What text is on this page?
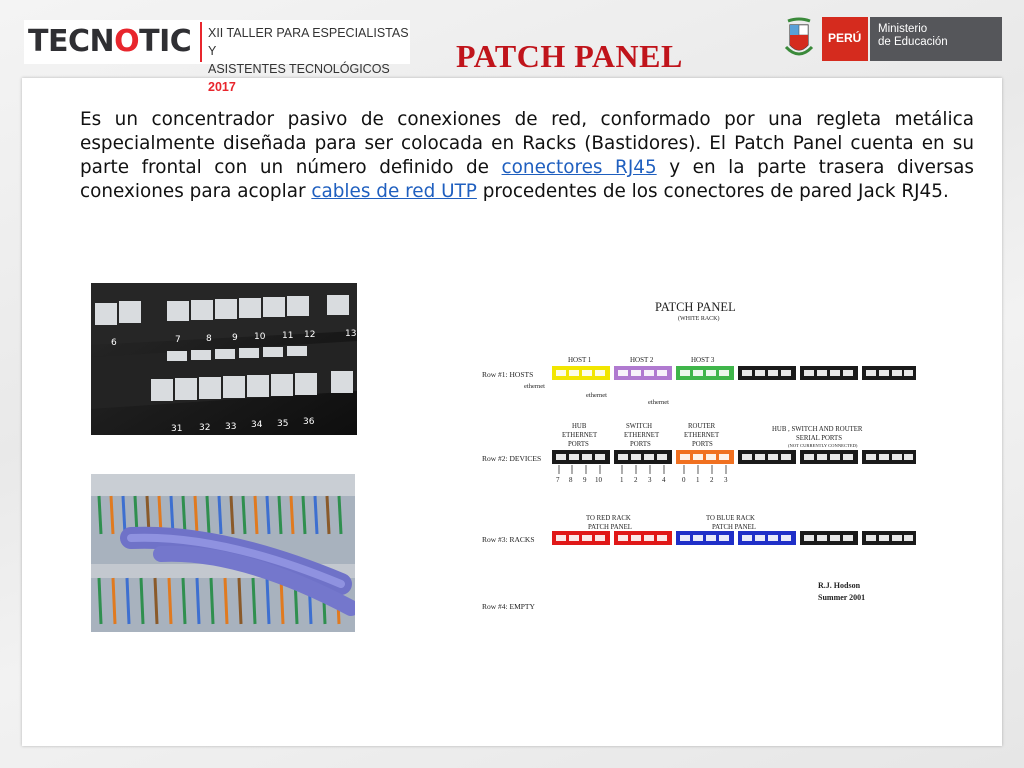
TECNOTIC XII TALLER PARA ESPECIALISTAS Y
ASISTENTES TECNOLÓGICOS 2017
PATCH PANEL	PERÚ
Ministerio
de Educación
Es un concentrador pasivo de conexiones de red, conformado por una regleta metálica especialmente diseñada para ser colocada en Racks (Bastidores). El Patch Panel cuenta en su parte frontal con un número definido de conectores RJ45 y en la parte trasera diversas conexiones para acoplar cables de red UTP procedentes de los conectores de pared Jack RJ45.
6	7	8 9 10 11 12	13
31 32 33 34 35 36
PATCH PANEL
(WHITE RACK)
Row #1: HOSTS
HOST 1	HOST 2	HOST 3
ethernet
ethernet
ethernet
HUB
ETHERNET
PORTS
SWITCH
ETHERNET
PORTS
ROUTER
ETHERNET
PORTS
HUB , SWITCH AND ROUTER
SERIAL PORTS
(NOT CURRENTLY CONNECTED)
Row #2: DEVICES
7 8 9 10	1 2 3 4 0 1 2 3
TO RED RACK
PATCH PANEL
TO BLUE RACK
PATCH PANEL
Row #3: RACKS
R.J. Hodson
Summer 2001
Row #4: EMPTY
